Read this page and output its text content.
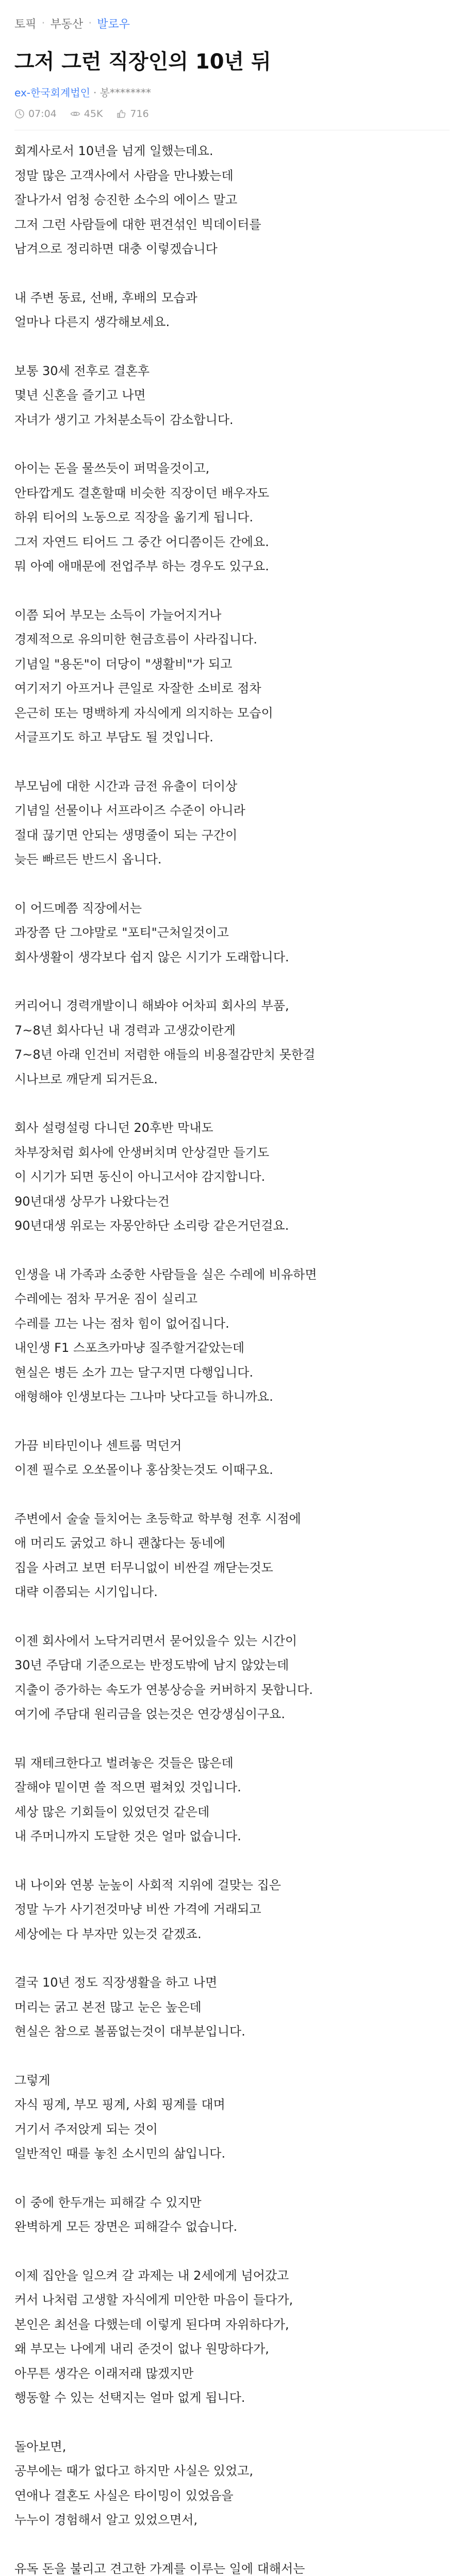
토픽 · 부동산 · 발로우
그저 그런 직장인의 10년 뒤
ex-한국회계법인 · 봉********
07:04	45K	716

회계사로서 10년을 넘게 일했는데요.
정말 많은 고객사에서 사람을 만나봤는데
잘나가서 엄청 승진한 소수의 에이스 말고
그저 그런 사람들에 대한 편견섞인 빅데이터를
남겨으로 정리하면 대충 이렇겠습니다

내 주변 동료, 선배, 후배의 모습과
얼마나 다른지 생각해보세요.

보통 30세 전후로 결혼후
몇년 신혼을 즐기고 나면
자녀가 생기고 가처분소득이 감소합니다.

아이는 돈을 물쓰듯이 퍼먹을것이고,
안타깝게도 결혼할때 비슷한 직장이던 배우자도
하위 티어의 노동으로 직장을 옮기게 됩니다.
그저 자연드 티어드 그 중간 어디쯤이든 간에요.
뭐 아예 애매문에 전업주부 하는 경우도 있구요.

이쯤 되어 부모는 소득이 가늘어지거나
경제적으로 유의미한 현금흐름이 사라집니다.
기념일 "용돈"이 더당이 "생활비"가 되고
여기저기 아프거나 큰일로 자잘한 소비로 점차
은근히 또는 명백하게 자식에게 의지하는 모습이
서글프기도 하고 부담도 될 것입니다.

부모님에 대한 시간과 금전 유출이 더이상
기념일 선물이나 서프라이즈 수준이 아니라
절대 끊기면 안되는 생명줄이 되는 구간이
늦든 빠르든 반드시 옵니다.

이 어드메쯤 직장에서는
과장쯤 단 그야말로 "포티"근처일것이고
회사생활이 생각보다 쉽지 않은 시기가 도래합니다.

커리어니 경력개발이니 해봐야 어차피 회사의 부품,
7~8년 회사다닌 내 경력과 고생갔이란게
7~8년 아래 인건비 저렴한 애들의 비용절감만치 못한걸
시나브로 깨닫게 되거든요.

회사 설령설렁 다니던 20후반 막내도
차부장처럼 회사에 안생버치며 안상걸만 들기도
이 시기가 되면 동신이 아니고서야 감지합니다.
90년대생 상무가 나왔다는건
90년대생 위로는 자몽안하단 소리랑 같은거던걸요.

인생을 내 가족과 소중한 사람들을 실은 수레에 비유하면
수레에는 점차 무거운 짐이 실리고
수레를 끄는 나는 점차 힘이 없어집니다.
내인생 F1 스포츠카마냥 질주할거같았는데
현실은 병든 소가 끄는 달구지면 다행입니다.
애형해야 인생보다는 그나마 낫다고들 하니까요.

가끔 비타민이나 센트룸 먹던거
이젠 필수로 오쏘몰이나 홍삼찾는것도 이때구요.

주변에서 술술 들치어는 초등학교 학부형 전후 시점에
애 머리도 굵었고 하니 괜찮다는 동네에
집을 사려고 보면 터무니없이 비싼걸 깨닫는것도
대략 이쯤되는 시기입니다.

이젠 회사에서 노닥거리면서 묻어있을수 있는 시간이
30년 주담대 기준으로는 반정도밖에 남지 않았는데
지출이 증가하는 속도가 연봉상승을 커버하지 못합니다.
여기에 주담대 원리금을 얹는것은 연강생심이구요.

뭐 재테크한다고 벌려놓은 것들은 많은데
잘해야 밑이면 쓸 적으면 펼쳐있 것입니다.
세상 많은 기회들이 있었던것 같은데
내 주머니까지 도달한 것은 얼마 없습니다.

내 나이와 연봉 눈높이 사회적 지위에 걸맞는 집은
정말 누가 사기전것마냥 비싼 가격에 거래되고
세상에는 다 부자만 있는것 같겠죠.

결국 10년 정도 직장생활을 하고 나면
머리는 굵고 본전 많고 눈은 높은데
현실은 참으로 볼품없는것이 대부분입니다.

그렇게
자식 핑계, 부모 핑계, 사회 핑계를 대며
거기서 주저앉게 되는 것이
일반적인 때를 놓친 소시민의 삶입니다.

이 중에 한두개는 피해갈 수 있지만
완벽하게 모든 장면은 피해갈수 없습니다.

이제 집안을 일으켜 갈 과제는 내 2세에게 넘어갔고
커서 나처럼 고생할 자식에게 미안한 마음이 들다가,
본인은 최선을 다했는데 이렇게 된다며 자위하다가,
왜 부모는 나에게 내리 준것이 없나 원망하다가,
아무튼 생각은 이래저래 많겠지만
행동할 수 있는 선택지는 얼마 없게 됩니다.

돌아보면,
공부에는 때가 없다고 하지만 사실은 있었고,
연애나 결혼도 사실은 타이밍이 있었음을
누누이 경험해서 알고 있었으면서,

유독 돈을 불리고 견고한 가계를 이루는 일에 대해서는
